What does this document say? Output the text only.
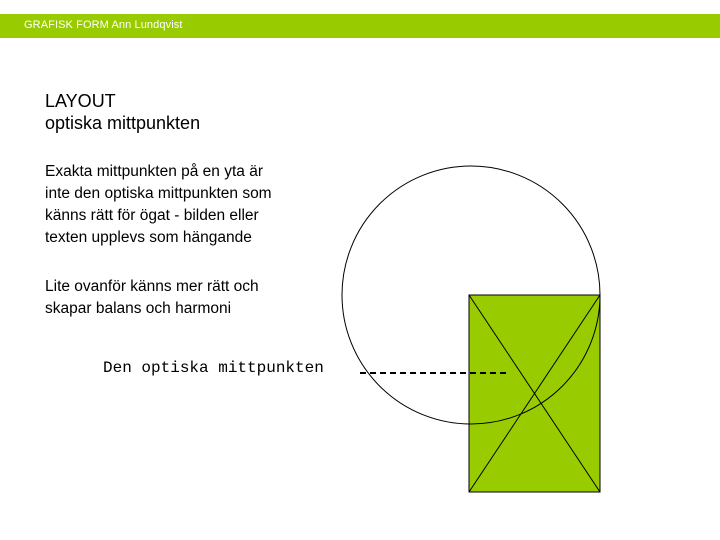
GRAFISK FORM Ann Lundqvist
LAYOUT
optiska mittpunkten
Exakta mittpunkten på en yta är
inte den optiska mittpunkten som
känns rätt för ögat - bilden eller
texten upplevs som hängande
Lite ovanför känns mer rätt och
skapar balans och harmoni
Den optiska mittpunkten
